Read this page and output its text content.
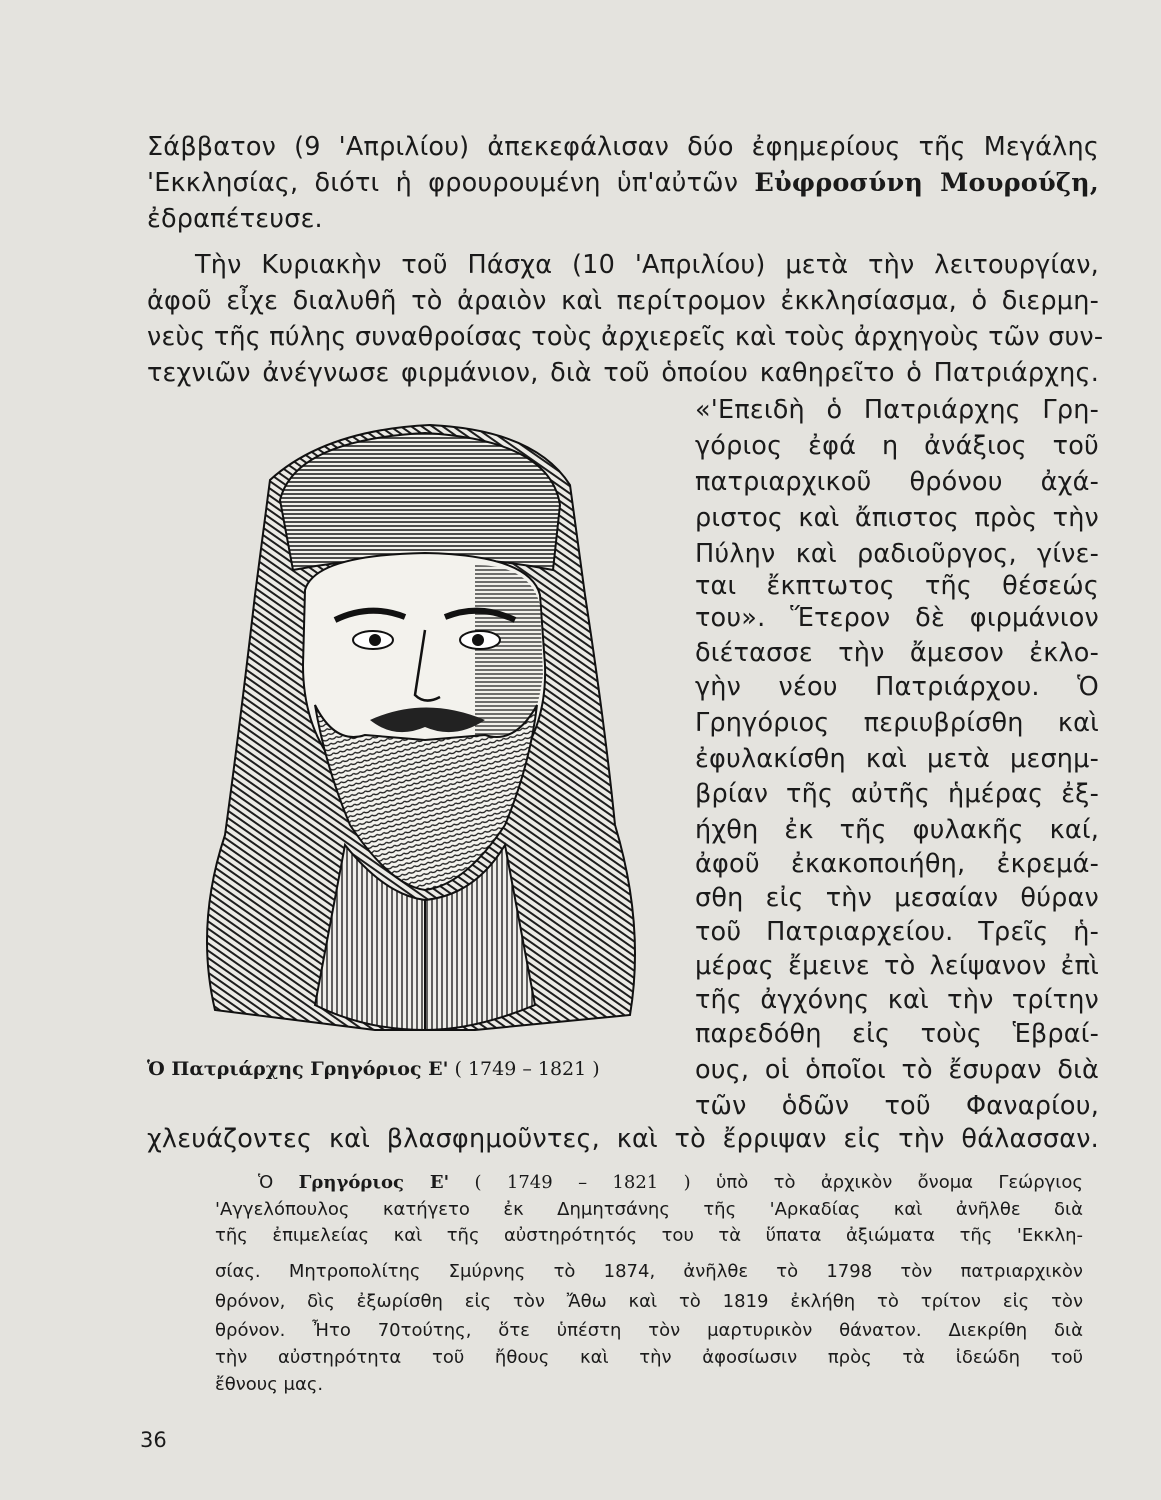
Σάββατον (9 'Απριλίου) ἀπεκεφάλισαν δύο ἐφημερίους τῆς Μεγάλης
'Εκκλησίας, διότι ἡ φρουρουμένη ὑπ'αὐτῶν Εὐφροσύνη Μουρούζη,
ἐδραπέτευσε.
Τὴν Κυριακὴν τοῦ Πάσχα (10 'Απριλίου) μετὰ τὴν λειτουργίαν,
ἀφοῦ εἶχε διαλυθῆ τὸ ἀραιὸν καὶ περίτρομον ἐκκλησίασμα, ὁ διερμη-
νεὺς τῆς πύλης συναθροίσας τοὺς ἀρχιερεῖς καὶ τοὺς ἀρχηγοὺς τῶν συν-
τεχνιῶν ἀνέγνωσε φιρμάνιον, διὰ τοῦ ὁποίου καθηρεῖτο ὁ Πατριάρχης.
«'Επειδὴ ὁ Πατριάρχης Γρη-
γόριος ἐφά η ἀνάξιος τοῦ
πατριαρχικοῦ θρόνου ἀχά-
ριστος καὶ ἄπιστος πρὸς τὴν
Πύλην καὶ ραδιοῦργος, γίνε-
ται ἔκπτωτος τῆς θέσεώς
του». Ἕτερον δὲ φιρμάνιον
διέτασσε τὴν ἄμεσον ἐκλο-
γὴν νέου Πατριάρχου. Ὁ
Γρηγόριος περιυβρίσθη καὶ
ἐφυλακίσθη καὶ μετὰ μεσημ-
βρίαν τῆς αὐτῆς ἡμέρας ἐξ-
ήχθη ἐκ τῆς φυλακῆς καί,
ἀφοῦ ἐκακοποιήθη, ἐκρεμά-
σθη εἰς τὴν μεσαίαν θύραν
τοῦ Πατριαρχείου. Τρεῖς ἡ-
μέρας ἔμεινε τὸ λείψανον ἐπὶ
τῆς ἀγχόνης καὶ τὴν τρίτην
παρεδόθη εἰς τοὺς Ἑβραί-
ους, οἱ ὁποῖοι τὸ ἔσυραν διὰ
τῶν ὁδῶν τοῦ Φαναρίου,
Ὁ Πατριάρχης Γρηγόριος Ε' ( 1749 – 1821 )
χλευάζοντες καὶ βλασφημοῦντες, καὶ τὸ ἔρριψαν εἰς τὴν θάλασσαν.
Ὁ Γρηγόριος Ε' ( 1749 – 1821 ) ὑπὸ τὸ ἀρχικὸν ὄνομα Γεώργιος
'Αγγελόπουλος κατήγετο ἐκ Δημητσάνης τῆς 'Αρκαδίας καὶ ἀνῆλθε διὰ
τῆς ἐπιμελείας καὶ τῆς αὐστηρότητός του τὰ ὕπατα ἀξιώματα τῆς 'Εκκλη-
σίας. Μητροπολίτης Σμύρνης τὸ 1874, ἀνῆλθε τὸ 1798 τὸν πατριαρχικὸν
θρόνον, δὶς ἐξωρίσθη εἰς τὸν Ἄθω καὶ τὸ 1819 ἐκλήθη τὸ τρίτον εἰς τὸν
θρόνον. Ἦτο 70τούτης, ὅτε ὑπέστη τὸν μαρτυρικὸν θάνατον. Διεκρίθη διὰ
τὴν αὐστηρότητα τοῦ ἤθους καὶ τὴν ἀφοσίωσιν πρὸς τὰ ἰδεώδη τοῦ
ἔθνους μας.
36
